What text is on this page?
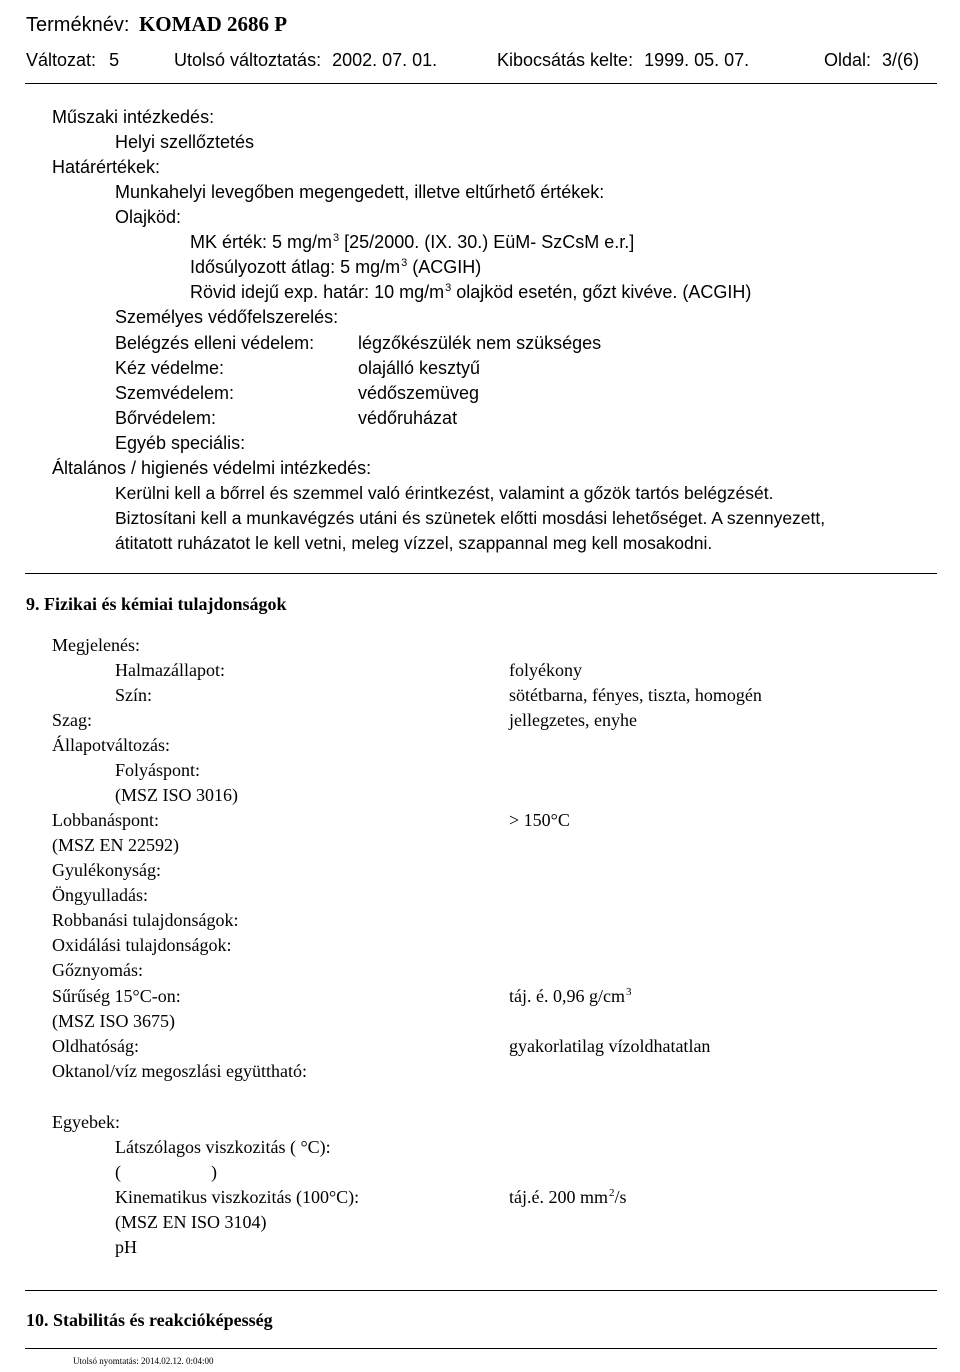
Terméknév: KOMAD 2686 P
Változat: 5	Utolsó változtatás: 2002. 07. 01.	Kibocsátás kelte: 1999. 05. 07.	Oldal: 3/(6)
Műszaki intézkedés:
Helyi szellőztetés
Határértékek:
Munkahelyi levegőben megengedett, illetve eltűrhető értékek:
Olajköd:
MK érték: 5 $mg/m^3$ [25/2000. (IX. 30.) EüM- SzCsM e.r.]
Idősúlyozott átlag: 5 $mg/m^3$ (ACGIH)
Rövid idejű exp. határ: 10 $mg/m^3$ olajköd esetén, gőzt kivéve. (ACGIH)
Személyes védőfelszerelés:
Belégzés elleni védelem: légzőkészülék nem szükséges
Kéz védelme:	olajálló kesztyű
Szemvédelem:	védőszemüveg
Bőrvédelem:	védőruházat
Egyéb speciális:
Általános / higienés védelmi intézkedés:
Kerülni kell a bőrrel és szemmel való érintkezést, valamint a gőzök tartós belégzését.
Biztosítani kell a munkavégzés utáni és szünetek előtti mosdási lehetőséget. A szennyezett,
átitatott ruházatot le kell vetni, meleg vízzel, szappannal meg kell mosakodni.
9. Fizikai és kémiai tulajdonságok
Megjelenés:
Halmazállapot:	folyékony
Szín:	sötétbarna, fényes, tiszta, homogén
Szag:	jellegzetes, enyhe
Állapotváltozás:
Folyáspont:
(MSZ ISO 3016)
Lobbanáspont:	> 150°C
(MSZ EN 22592)
Gyulékonyság:
Öngyulladás:
Robbanási tulajdonságok:
Oxidálási tulajdonságok:
Gőznyomás:
Sűrűség 15°C-on:	táj. é. 0,96 $g/cm^3$
(MSZ ISO 3675)
Oldhatóság:	gyakorlatilag vízoldhatatlan
Oktanol/víz megoszlási együttható:
Egyebek:
Látszólagos viszkozitás ( °C):
(                    )
Kinematikus viszkozitás (100°C):	táj.é. 200 $mm^2/s$
(MSZ EN ISO 3104)
pH
10. Stabilitás és reakcióképesség
Utolsó nyomtatás: 2014.02.12. 0:04:00
